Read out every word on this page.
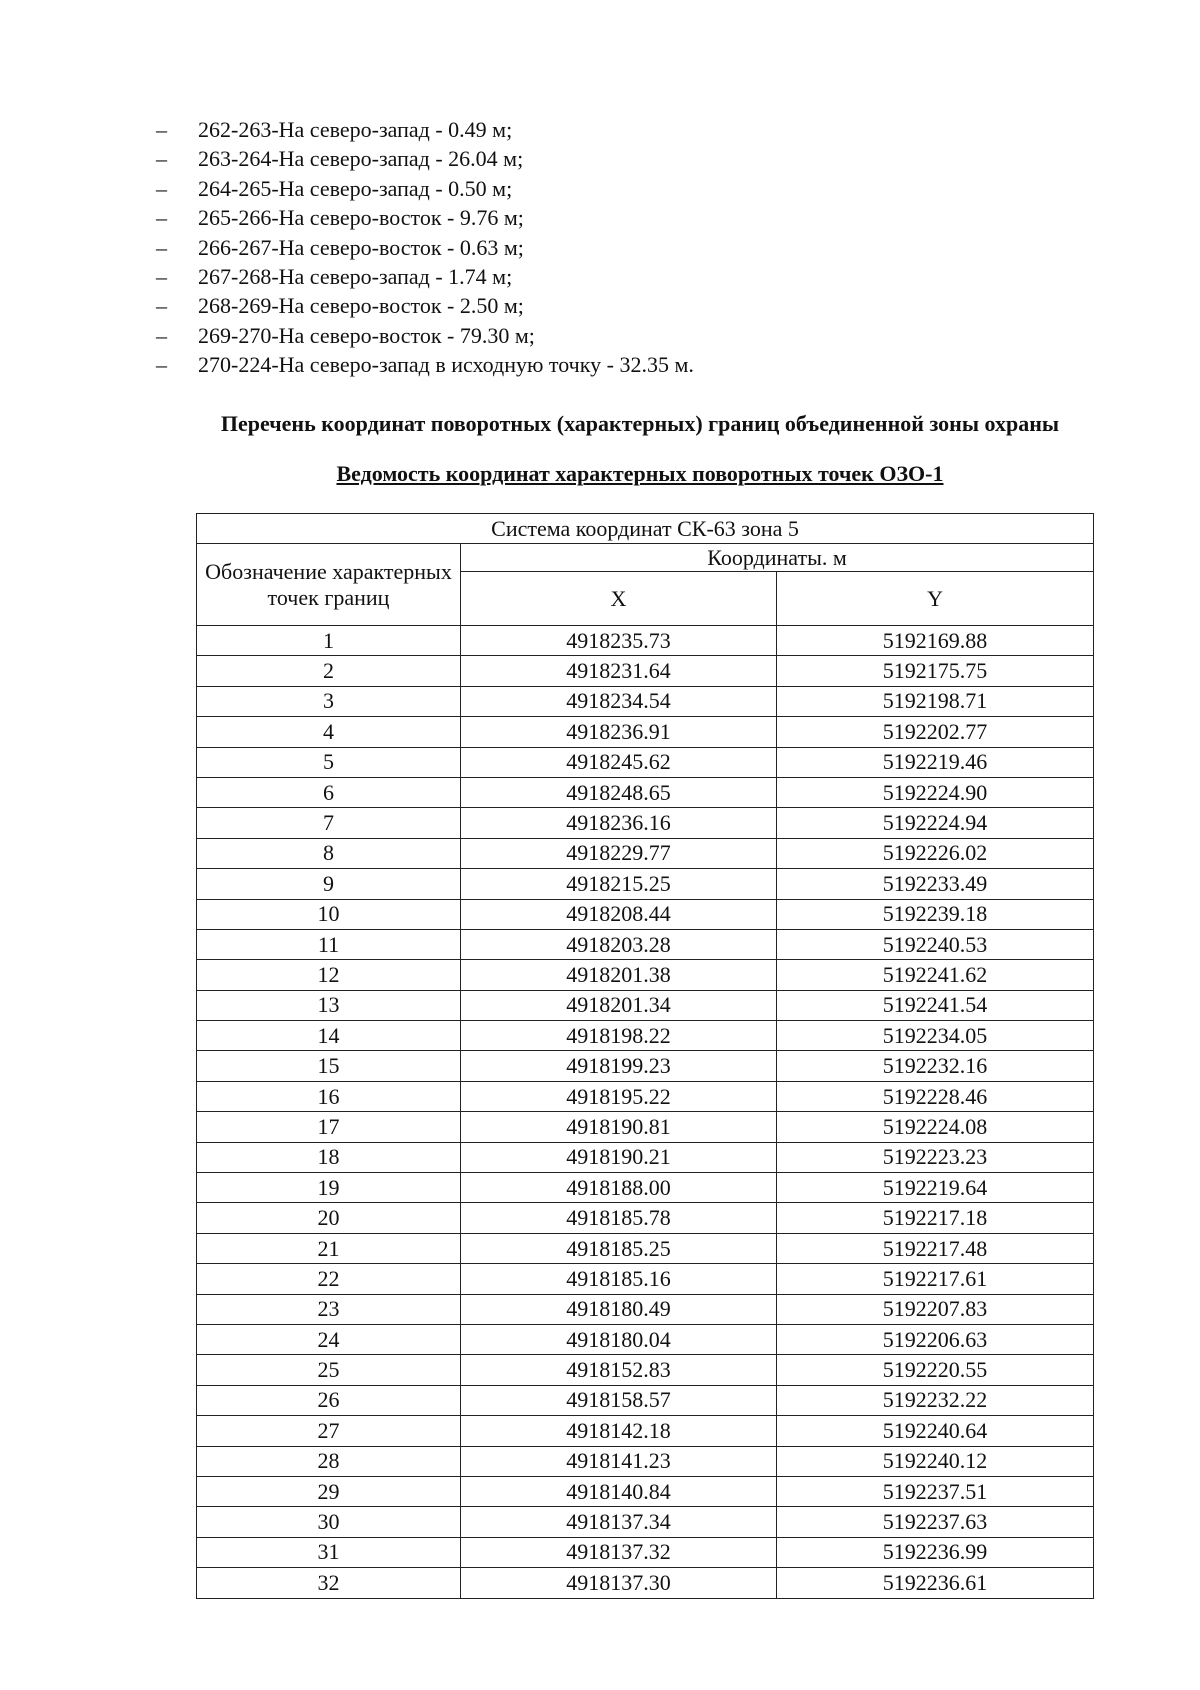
–	262-263-На северо-запад - 0.49 м;
–	263-264-На северо-запад - 26.04 м;
–	264-265-На северо-запад - 0.50 м;
–	265-266-На северо-восток - 9.76 м;
–	266-267-На северо-восток - 0.63 м;
–	267-268-На северо-запад - 1.74 м;
–	268-269-На северо-восток - 2.50 м;
–	269-270-На северо-восток - 79.30 м;
–	270-224-На северо-запад в исходную точку - 32.35 м.
Перечень координат поворотных (характерных) границ объединенной зоны охраны
Ведомость координат характерных поворотных точек ОЗО-1
Система координат СК-63 зона 5		
Обозначение характерных точек границ	Координаты. м	
	X	Y
1	4918235.73	5192169.88
2	4918231.64	5192175.75
3	4918234.54	5192198.71
4	4918236.91	5192202.77
5	4918245.62	5192219.46
6	4918248.65	5192224.90
7	4918236.16	5192224.94
8	4918229.77	5192226.02
9	4918215.25	5192233.49
10	4918208.44	5192239.18
11	4918203.28	5192240.53
12	4918201.38	5192241.62
13	4918201.34	5192241.54
14	4918198.22	5192234.05
15	4918199.23	5192232.16
16	4918195.22	5192228.46
17	4918190.81	5192224.08
18	4918190.21	5192223.23
19	4918188.00	5192219.64
20	4918185.78	5192217.18
21	4918185.25	5192217.48
22	4918185.16	5192217.61
23	4918180.49	5192207.83
24	4918180.04	5192206.63
25	4918152.83	5192220.55
26	4918158.57	5192232.22
27	4918142.18	5192240.64
28	4918141.23	5192240.12
29	4918140.84	5192237.51
30	4918137.34	5192237.63
31	4918137.32	5192236.99
32	4918137.30	5192236.61
